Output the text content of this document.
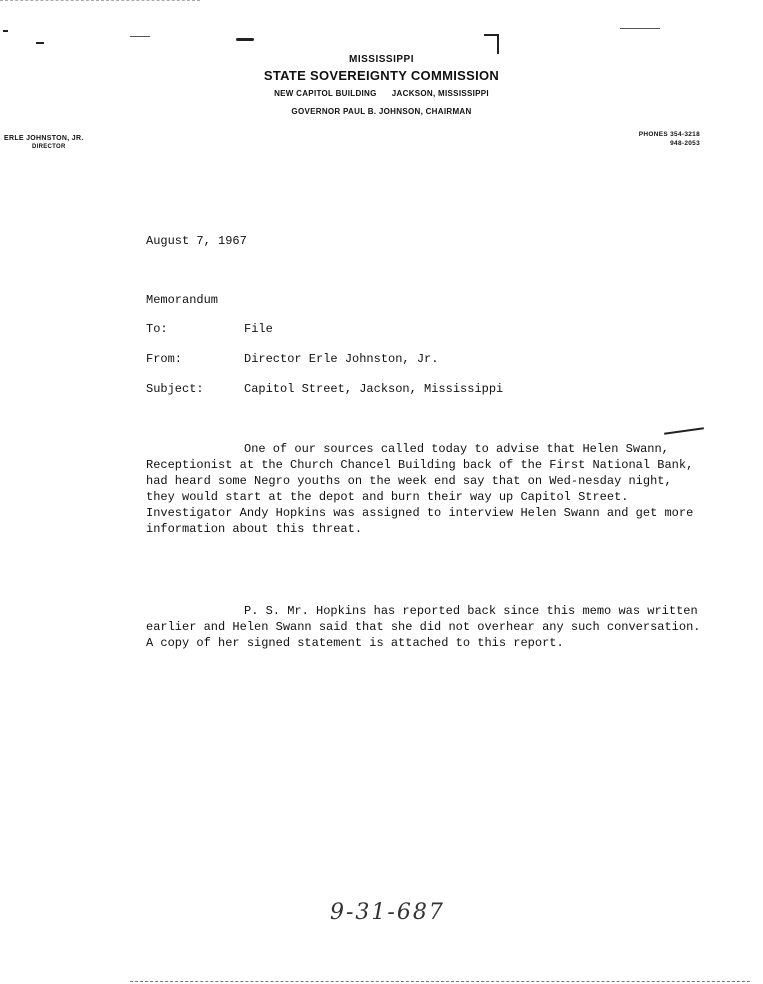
MISSISSIPPI
STATE SOVEREIGNTY COMMISSION
NEW CAPITOL BUILDING JACKSON, MISSISSIPPI
GOVERNOR PAUL B. JOHNSON, CHAIRMAN
ERLE JOHNSTON, JR.
DIRECTOR
PHONES 354-3218
948-2053
August 7, 1967
Memorandum
To:	File
From:	Director Erle Johnston, Jr.
Subject:	Capitol Street, Jackson, Mississippi

One of our sources called today to advise that Helen Swann, Receptionist at the Church Chancel Building back of the First National Bank, had heard some Negro youths on the week end say that on Wed-nesday night, they would start at the depot and burn their way up Capitol Street. Investigator Andy Hopkins was assigned to interview Helen Swann and get more information about this threat.

P. S. Mr. Hopkins has reported back since this memo was written earlier and Helen Swann said that she did not overhear any such conversation. A copy of her signed statement is attached to this report.

9-31-687
